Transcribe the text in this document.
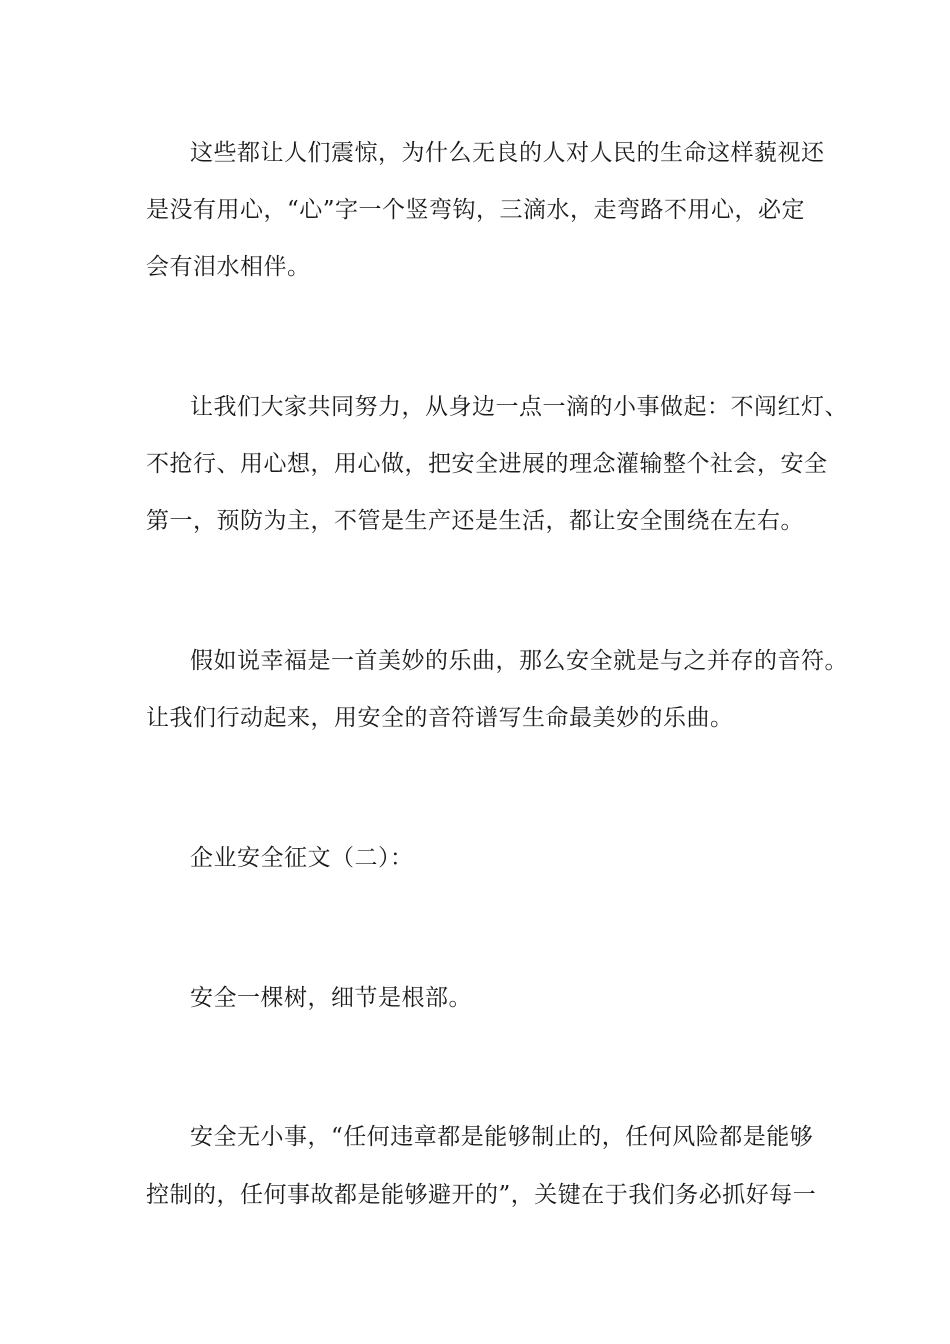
这些都让人们震惊，为什么无良的人对人民的生命这样藐视还
是没有用心，“心”字一个竖弯钩，三滴水，走弯路不用心，必定
会有泪水相伴。
让我们大家共同努力，从身边一点一滴的小事做起：不闯红灯、
不抢行、用心想，用心做，把安全进展的理念灌输整个社会，安全
第一，预防为主，不管是生产还是生活，都让安全围绕在左右。
假如说幸福是一首美妙的乐曲，那么安全就是与之并存的音符。
让我们行动起来，用安全的音符谱写生命最美妙的乐曲。
企业安全征文（二）：
安全一棵树，细节是根部。
安全无小事，“任何违章都是能够制止的，任何风险都是能够
控制的，任何事故都是能够避开的”，关键在于我们务必抓好每一
